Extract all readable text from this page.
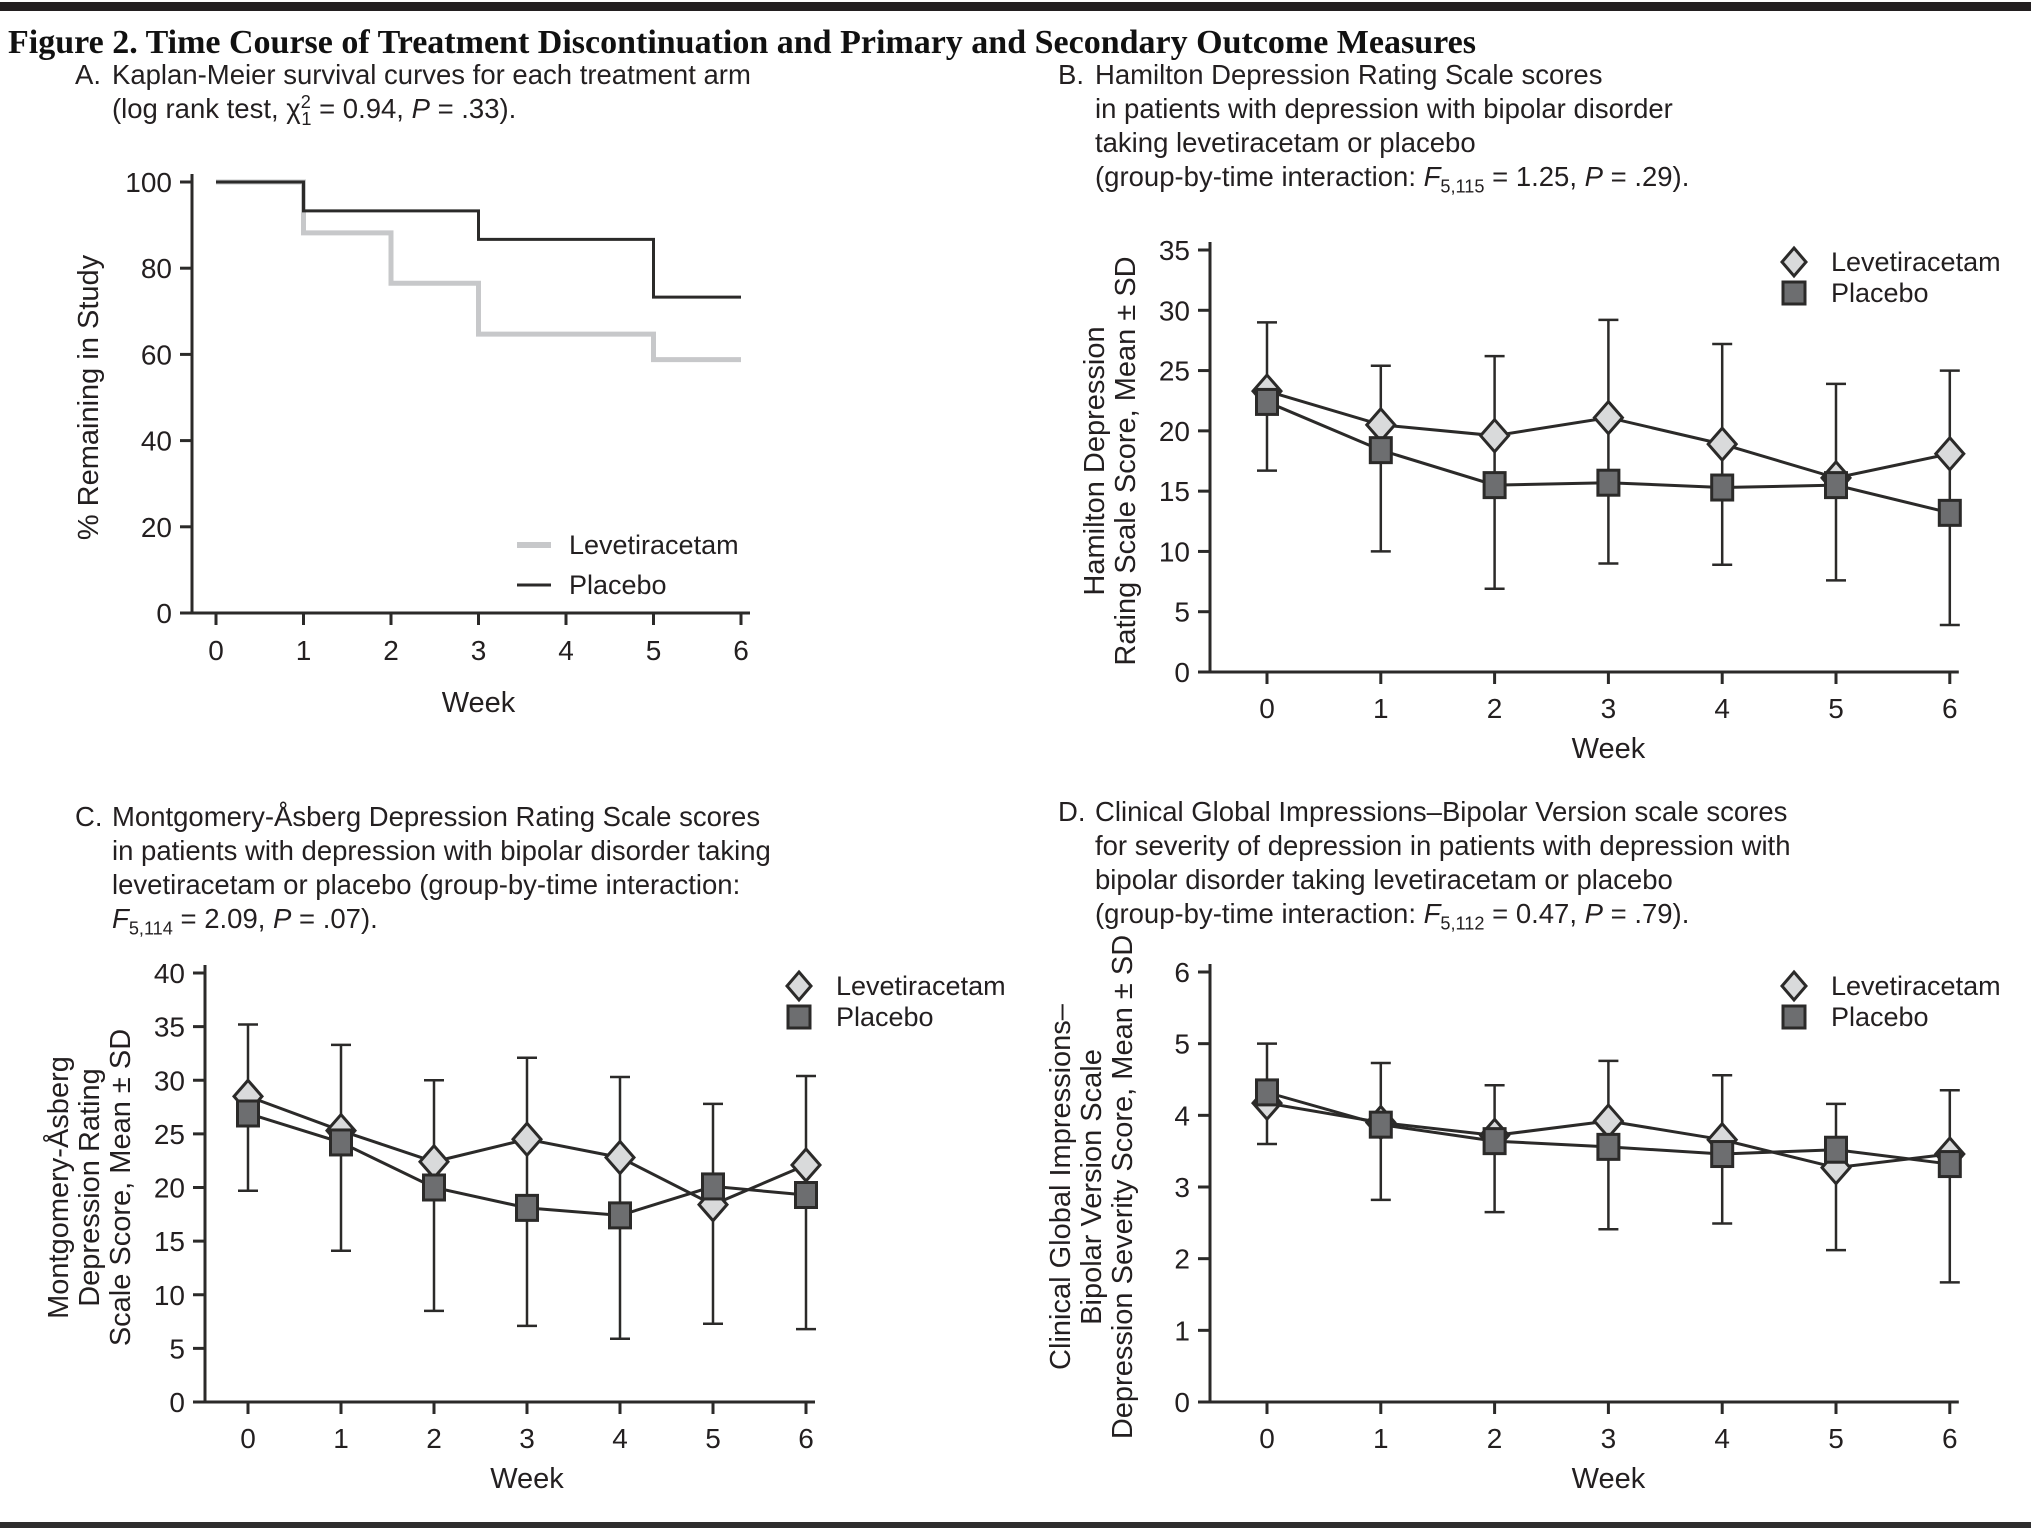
Figure 2. Time Course of Treatment Discontinuation and Primary and Secondary Outcome Measures
A. Kaplan-Meier survival curves for each treatment arm
(log rank test, $\chi^2_1 = 0.94$, P = .33).
B. Hamilton Depression Rating Scale scores
in patients with depression with bipolar disorder
taking levetiracetam or placebo
(group-by-time interaction: $F_{5,115} = 1.25$, P = .29).
C. Montgomery-Åsberg Depression Rating Scale scores
in patients with depression with bipolar disorder taking
levetiracetam or placebo (group-by-time interaction:
$F_{5,114} = 2.09$, P = .07).
D. Clinical Global Impressions–Bipolar Version scale scores
for severity of depression in patients with depression with
bipolar disorder taking levetiracetam or placebo
(group-by-time interaction: $F_{5,112} = 0.47$, P = .79).
0
20
40
60
80
100
0	1	2	3	4	5	6
Week
% Remaining in Study
Levetiracetam
Placebo
0
5
10
15
20
25
30
35
0	1	2	3	4	5	6
Week
Hamilton Depression Rating Scale Score, Mean ± SD	Levetiracetam
Placebo
0
5
10
15
20
25
30
35
40
0	1	2	3	4	5	6
Week
Montgomery-Åsberg Depression Rating Scale Score, Mean ± SD
Levetiracetam
Placebo
0
1
2
3
4
5
6
0	1	2	3	4	5	6
Week
Clinical Global Impressions– Bipolar Version Scale Depression Severity Score, Mean ± SD	Levetiracetam
Placebo
